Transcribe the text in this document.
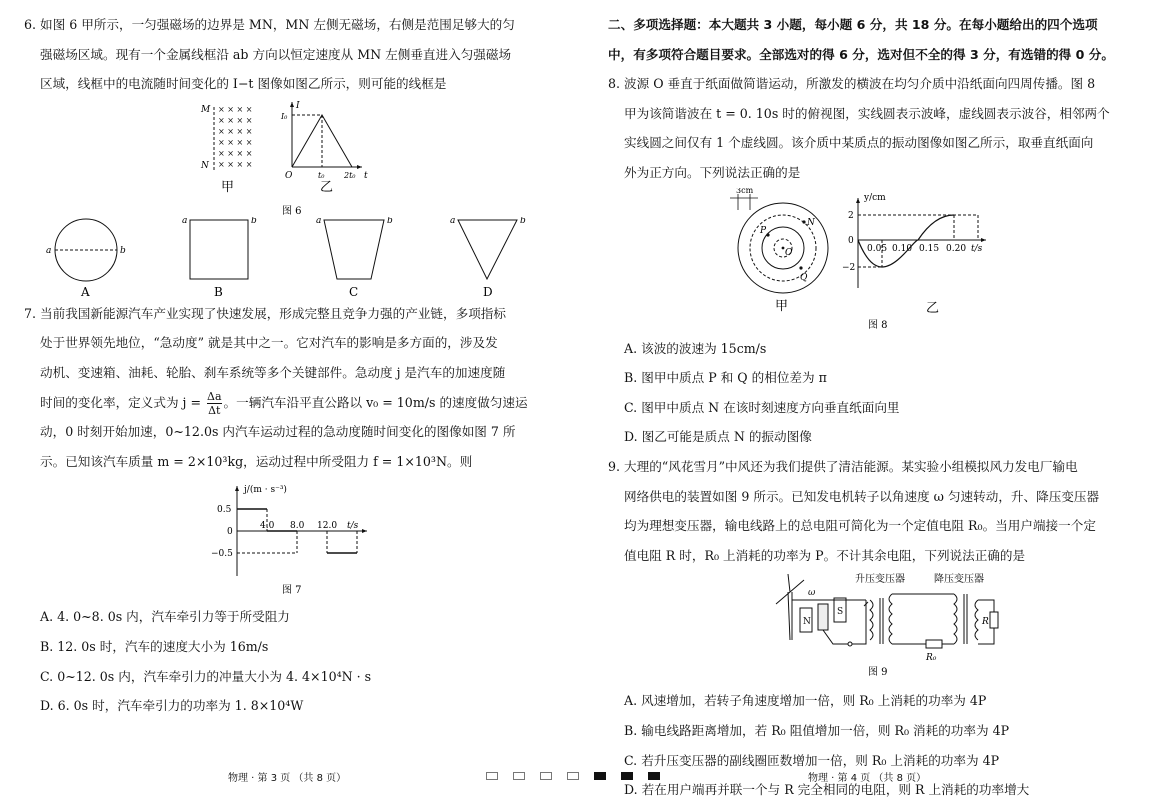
6. 如图 6 甲所示，一匀强磁场的边界是 MN，MN 左侧无磁场，右侧是范围足够大的匀
强磁场区域。现有一个金属线框沿 ab 方向以恒定速度从 MN 左侧垂直进入匀强磁场
区域，线框中的电流随时间变化的 I−t 图像如图乙所示，则可能的线框是
M
N
× × × ×
× × × ×
× × × ×
× × × ×
× × × ×
× × × ×
甲
I
I₀
O	t₀ 2t₀ t
乙
图 6
a	b
A
a	b
B
a	b
C
a	b
D
7. 当前我国新能源汽车产业实现了快速发展，形成完整且竞争力强的产业链，多项指标
处于世界领先地位，“急动度” 就是其中之一。它对汽车的影响是多方面的，涉及发
动机、变速箱、油耗、轮胎、刹车系统等多个关键部件。急动度 j 是汽车的加速度随
时间的变化率，定义式为 $j = \frac{\Delta a}{\Delta t}$ 。一辆汽车沿平直公路以 v₀ = 10m/s 的速度做匀速运
动，0 时刻开始加速，0~12.0s 内汽车运动过程的急动度随时间变化的图像如图 7 所
示。已知该汽车质量 m = 2×10³kg，运动过程中所受阻力 f = 1×10³N。则
j/(m · s⁻³)
0.5
0
−0.5
4.0 8.0 12.0 t/s
图 7
A. 4. 0~8. 0s 内，汽车牵引力等于所受阻力
B. 12. 0s 时，汽车的速度大小为 16m/s
C. 0~12. 0s 内，汽车牵引力的冲量大小为 4. 4×10⁴N · s
D. 6. 0s 时，汽车牵引力的功率为 1. 8×10⁴W
二、多项选择题：本大题共 3 小题，每小题 6 分，共 18 分。在每小题给出的四个选项
中，有多项符合题目要求。全部选对的得 6 分，选对但不全的得 3 分，有选错的得 0 分。
8. 波源 O 垂直于纸面做简谐运动，所激发的横波在均匀介质中沿纸面向四周传播。图 8
甲为该简谐波在 t = 0. 10s 时的俯视图，实线圆表示波峰，虚线圆表示波谷，相邻两个
实线圆之间仅有 1 个虚线圆。该介质中某质点的振动图像如图乙所示，取垂直纸面向
外为正方向。下列说法正确的是
3cm
P
N
O
Q
甲
y/cm
2
0
−2
0.05 0.10 0.15 0.20 t/s
乙
图 8
A. 该波的波速为 15cm/s
B. 图甲中质点 P 和 Q 的相位差为 π
C. 图甲中质点 N 在该时刻速度方向垂直纸面向里
D. 图乙可能是质点 N 的振动图像
9. 大理的“风花雪月”中风还为我们提供了清洁能源。某实验小组模拟风力发电厂输电
网络供电的装置如图 9 所示。已知发电机转子以角速度 ω 匀速转动，升、降压变压器
均为理想变压器，输电线路上的总电阻可简化为一个定值电阻 R₀。当用户端接一个定
值电阻 R 时，R₀ 上消耗的功率为 P。不计其余电阻，下列说法正确的是
N
S
ω
升压变压器
R₀
降压变压器
R
图 9
A. 风速增加，若转子角速度增加一倍，则 R₀ 上消耗的功率为 4P
B. 输电线路距离增加，若 R₀ 阻值增加一倍，则 R₀ 消耗的功率为 4P
C. 若升压变压器的副线圈匝数增加一倍，则 R₀ 上消耗的功率为 4P
D. 若在用户端再并联一个与 R 完全相同的电阻，则 R 上消耗的功率增大
物理 · 第 3 页 （共 8 页）	物理 · 第 4 页 （共 8 页）
